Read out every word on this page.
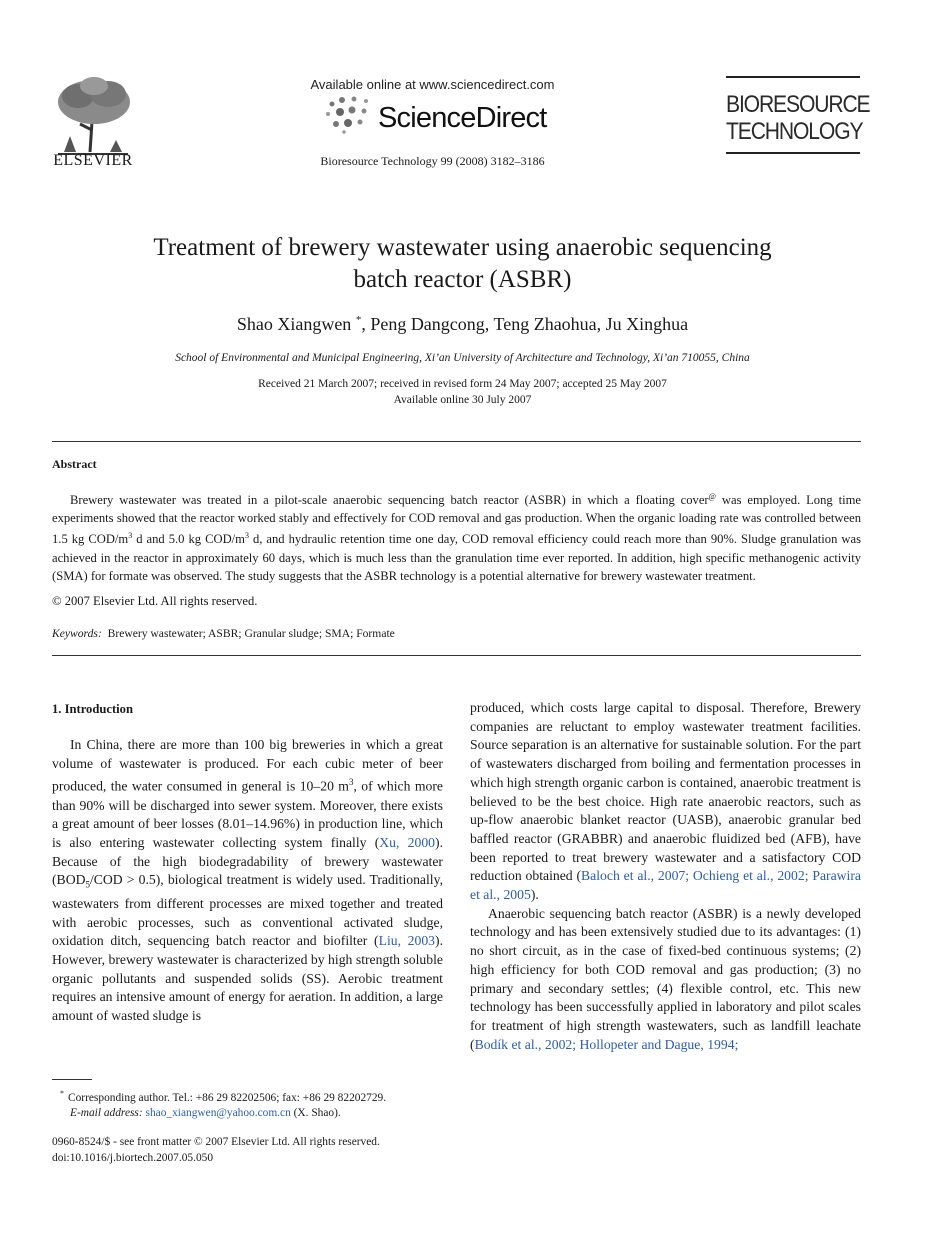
ELSEVIER
Available online at www.sciencedirect.com
ScienceDirect
Bioresource Technology 99 (2008) 3182–3186
BIORESOURCE
TECHNOLOGY
Treatment of brewery wastewater using anaerobic sequencing
batch reactor (ASBR)
Shao Xiangwen *, Peng Dangcong, Teng Zhaohua, Ju Xinghua
School of Environmental and Municipal Engineering, Xi’an University of Architecture and Technology, Xi’an 710055, China
Received 21 March 2007; received in revised form 24 May 2007; accepted 25 May 2007
Available online 30 July 2007
Abstract
Brewery wastewater was treated in a pilot-scale anaerobic sequencing batch reactor (ASBR) in which a floating cover@ was employed. Long time experiments showed that the reactor worked stably and effectively for COD removal and gas production. When the organic loading rate was controlled between 1.5 kg COD/$m^3$ d and 5.0 kg COD/$m^3$ d, and hydraulic retention time one day, COD removal efficiency could reach more than 90%. Sludge granulation was achieved in the reactor in approximately 60 days, which is much less than the granulation time ever reported. In addition, high specific methanogenic activity (SMA) for formate was observed. The study suggests that the ASBR technology is a potential alternative for brewery wastewater treatment.
© 2007 Elsevier Ltd. All rights reserved.
Keywords: Brewery wastewater; ASBR; Granular sludge; SMA; Formate
1. Introduction

In China, there are more than 100 big breweries in which a great volume of wastewater is produced. For each cubic meter of beer produced, the water consumed in general is 10–20 $m^3$, of which more than 90% will be discharged into sewer system. Moreover, there exists a great amount of beer losses (8.01–14.96%) in production line, which is also entering wastewater collecting system finally (Xu, 2000). Because of the high biodegradability of brewery wastewater ($BOD_5$/COD > 0.5), biological treatment is widely used. Traditionally, wastewaters from different processes are mixed together and treated with aerobic processes, such as conventional activated sludge, oxidation ditch, sequencing batch reactor and biofilter (Liu, 2003). However, brewery wastewater is characterized by high strength soluble organic pollutants and suspended solids (SS). Aerobic treatment requires an intensive amount of energy for aeration. In addition, a large amount of wasted sludge is

produced, which costs large capital to disposal. Therefore, Brewery companies are reluctant to employ wastewater treatment facilities. Source separation is an alternative for sustainable solution. For the part of wastewaters discharged from boiling and fermentation processes in which high strength organic carbon is contained, anaerobic treatment is believed to be the best choice. High rate anaerobic reactors, such as up-flow anaerobic blanket reactor (UASB), anaerobic granular bed baffled reactor (GRABBR) and anaerobic fluidized bed (AFB), have been reported to treat brewery wastewater and a satisfactory COD reduction obtained (Baloch et al., 2007; Ochieng et al., 2002; Parawira et al., 2005).

Anaerobic sequencing batch reactor (ASBR) is a newly developed technology and has been extensively studied due to its advantages: (1) no short circuit, as in the case of fixed-bed continuous systems; (2) high efficiency for both COD removal and gas production; (3) no primary and secondary settles; (4) flexible control, etc. This new technology has been successfully applied in laboratory and pilot scales for treatment of high strength wastewaters, such as landfill leachate (Bodík et al., 2002; Hollopeter and Dague, 1994;

* Corresponding author. Tel.: +86 29 82202506; fax: +86 29 82202729.
E-mail address: shao_xiangwen@yahoo.com.cn (X. Shao).
0960-8524/$ - see front matter © 2007 Elsevier Ltd. All rights reserved.
doi:10.1016/j.biortech.2007.05.050
